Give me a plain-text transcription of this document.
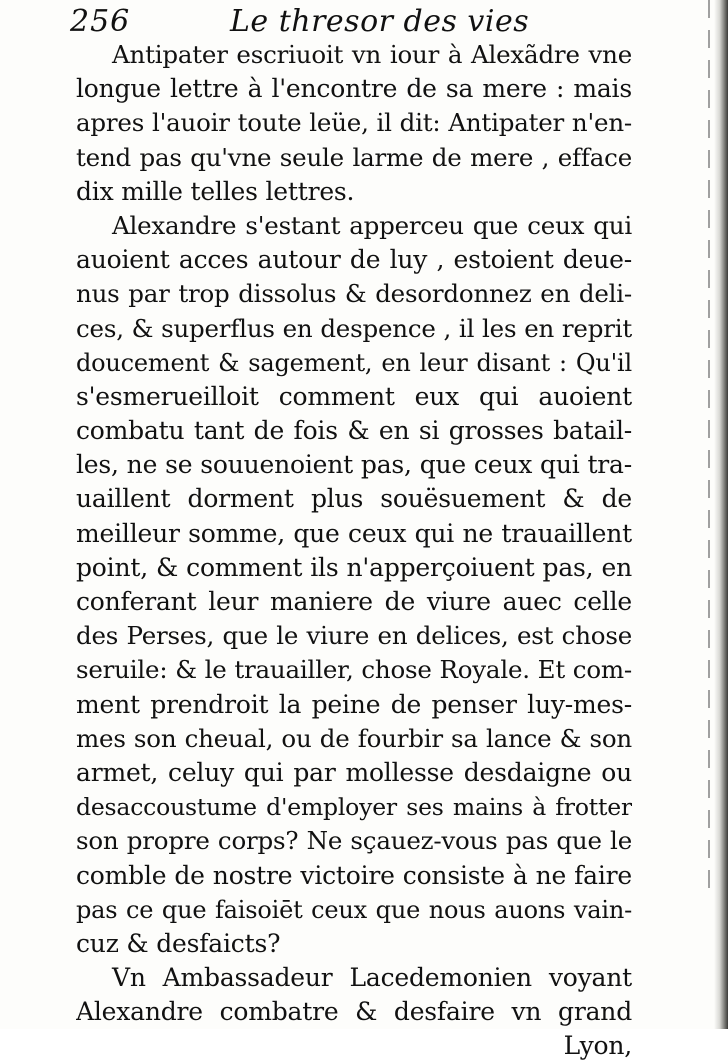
256	Le thresor des vies
Antipater escriuoit vn iour à Alexãdre vne
longue lettre à l'encontre de sa mere : mais
apres l'auoir toute leüe, il dit: Antipater n'en-
tend pas qu'vne seule larme de mere , efface
dix mille telles lettres.
Alexandre s'estant apperceu que ceux qui
auoient acces autour de luy , estoient deue-
nus par trop dissolus & desordonnez en deli-
ces, & superflus en despence , il les en reprit
doucement & sagement, en leur disant : Qu'il
s'esmerueilloit comment eux qui auoient
combatu tant de fois & en si grosses batail-
les, ne se souuenoient pas, que ceux qui tra-
uaillent dorment plus souësuement & de
meilleur somme, que ceux qui ne trauaillent
point, & comment ils n'apperçoiuent pas, en
conferant leur maniere de viure auec celle
des Perses, que le viure en delices, est chose
seruile: & le trauailler, chose Royale. Et com-
ment prendroit la peine de penser luy-mes-
mes son cheual, ou de fourbir sa lance & son
armet, celuy qui par mollesse desdaigne ou
desaccoustume d'employer ses mains à frotter
son propre corps? Ne sçauez-vous pas que le
comble de nostre victoire consiste à ne faire
pas ce que faisoiēt ceux que nous auons vain-
cuz & desfaicts?
Vn Ambassadeur Lacedemonien voyant
Alexandre combatre & desfaire vn grand
Lyon,
